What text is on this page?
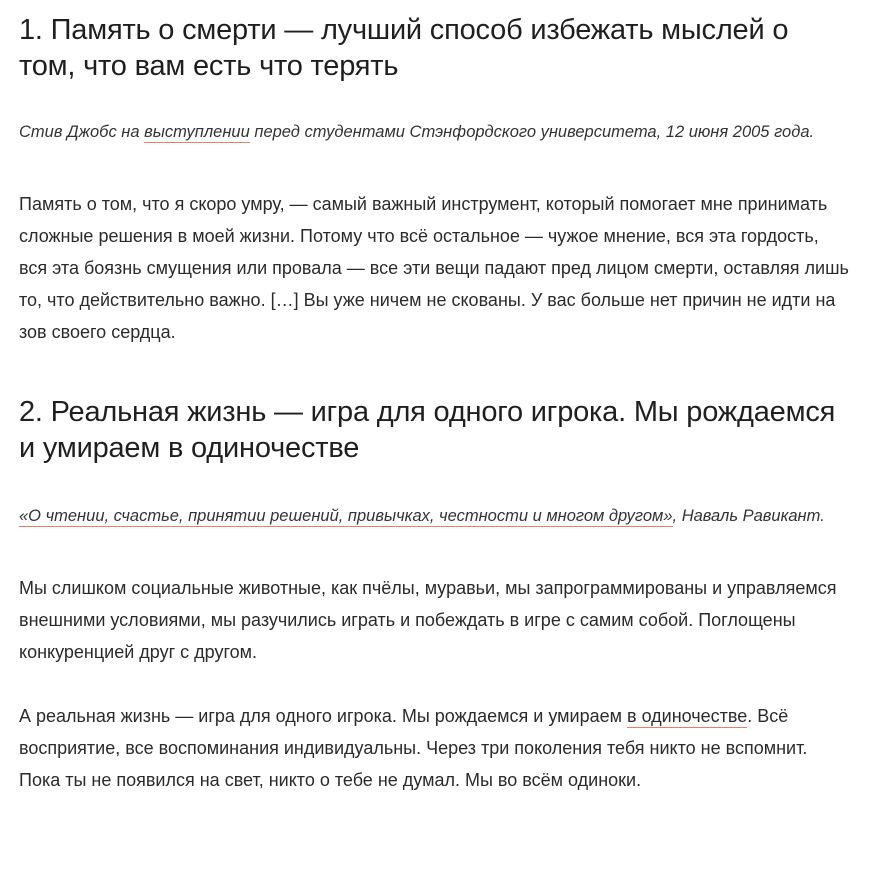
1. Память о смерти — лучший способ избежать мыслей о том, что вам есть что терять

Стив Джобс на выступлении перед студентами Стэнфордского университета, 12 июня 2005 года.

Память о том, что я скоро умру, — самый важный инструмент, который помогает мне принимать сложные решения в моей жизни. Потому что всё остальное — чужое мнение, вся эта гордость, вся эта боязнь смущения или провала — все эти вещи падают пред лицом смерти, оставляя лишь то, что действительно важно. […] Вы уже ничем не скованы. У вас больше нет причин не идти на зов своего сердца.

2. Реальная жизнь — игра для одного игрока. Мы рождаемся и умираем в одиночестве

«О чтении, счастье, принятии решений, привычках, честности и многом другом», Наваль Равикант.

Мы слишком социальные животные, как пчёлы, муравьи, мы запрограммированы и управляемся внешними условиями, мы разучились играть и побеждать в игре с самим собой. Поглощены конкуренцией друг с другом.

А реальная жизнь — игра для одного игрока. Мы рождаемся и умираем в одиночестве. Всё восприятие, все воспоминания индивидуальны. Через три поколения тебя никто не вспомнит. Пока ты не появился на свет, никто о тебе не думал. Мы во всём одиноки.
